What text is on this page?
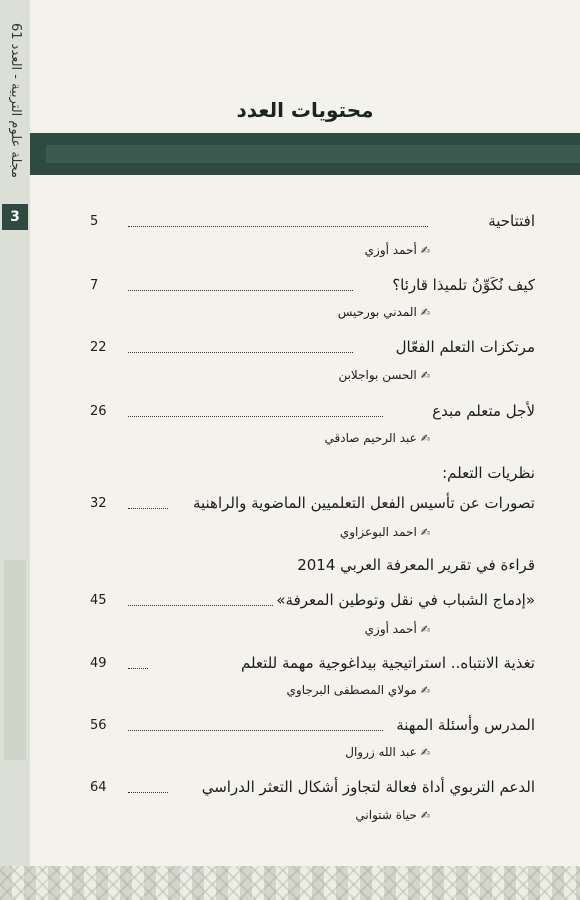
مجلة علوم التربية - العدد 61
3
محتويات العدد
5	افتتاحية
✍أحمد أوزي
7	كيف نُكَوِّنُ تلميذا قارئا؟
✍المدني بورحيس
22	مرتكزات التعلم الفعّال
✍الحسن بواجلابن
26	لأجل متعلم مبدع
✍عبد الرحيم صادقي
نظريات التعلم:
32	تصورات عن تأسيس الفعل التعلميين الماضوية والراهنية
✍احمد البوعزاوي
قراءة في تقرير المعرفة العربي 2014
45	«إدماج الشباب في نقل وتوطين المعرفة»
✍أحمد أوزي
49	تغذية الانتباه.. استراتيجية بيداغوجية مهمة للتعلم
✍مولاي المصطفى البرجاوي
56	المدرس وأسئلة المهنة
✍عبد الله زروال
64	الدعم التربوي أداة فعالة لتجاوز أشكال التعثر الدراسي
✍حياة شتواني
